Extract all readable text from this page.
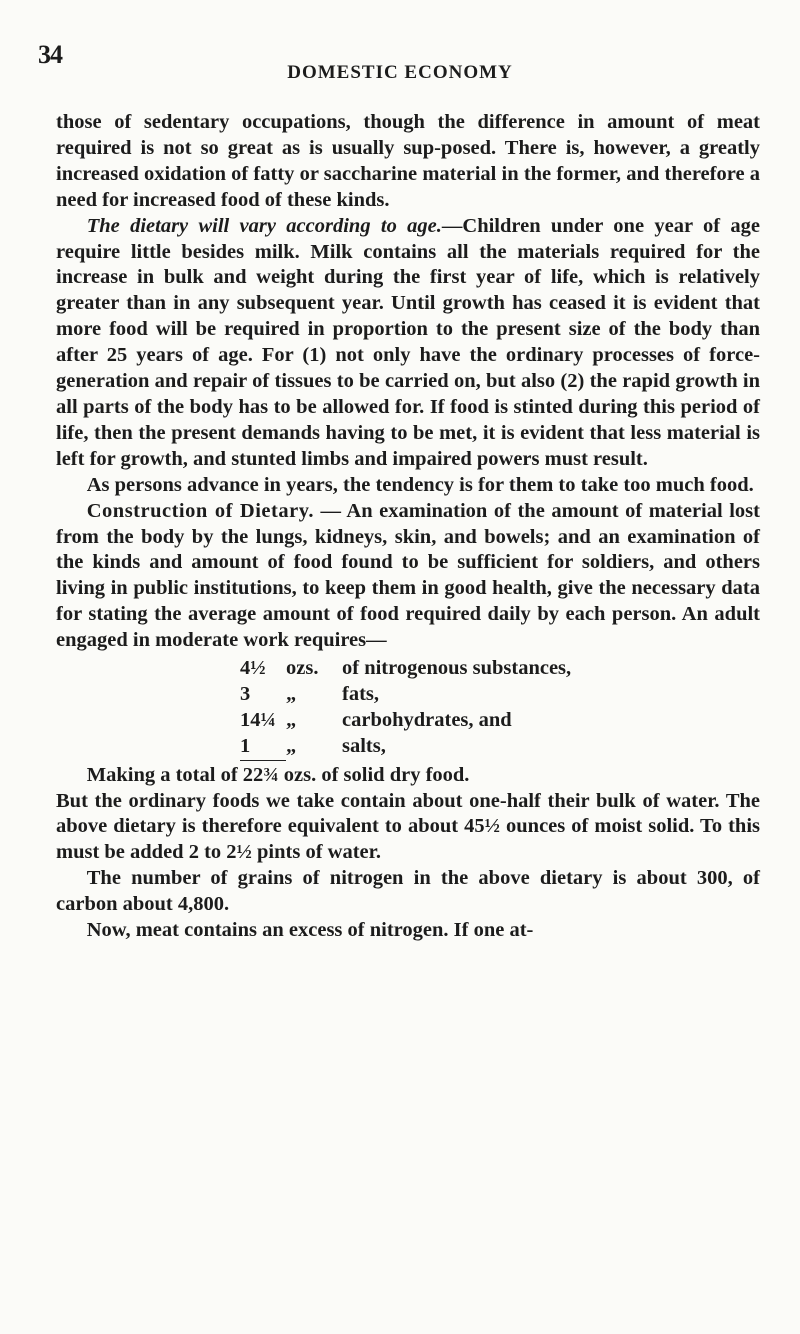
34
DOMESTIC ECONOMY

those of sedentary occupations, though the difference in amount of meat required is not so great as is usually sup-posed. There is, however, a greatly increased oxidation of fatty or saccharine material in the former, and therefore a need for increased food of these kinds.

The dietary will vary according to age.—Children under one year of age require little besides milk. Milk contains all the materials required for the increase in bulk and weight during the first year of life, which is relatively greater than in any subsequent year. Until growth has ceased it is evident that more food will be required in proportion to the present size of the body than after 25 years of age. For (1) not only have the ordinary processes of force-generation and repair of tissues to be carried on, but also (2) the rapid growth in all parts of the body has to be allowed for. If food is stinted during this period of life, then the present demands having to be met, it is evident that less material is left for growth, and stunted limbs and impaired powers must result.

As persons advance in years, the tendency is for them to take too much food.

Construction of Dietary. — An examination of the amount of material lost from the body by the lungs, kidneys, skin, and bowels; and an examination of the kinds and amount of food found to be sufficient for soldiers, and others living in public institutions, to keep them in good health, give the necessary data for stating the average amount of food required daily by each person. An adult engaged in moderate work requires—

4½	ozs.	of nitrogenous substances,
3	„	fats,
14¼	„	carbohydrates, and
1	„	salts,

Making a total of 22¾ ozs. of solid dry food.

But the ordinary foods we take contain about one-half their bulk of water. The above dietary is therefore equivalent to about 45½ ounces of moist solid. To this must be added 2 to 2½ pints of water.

The number of grains of nitrogen in the above dietary is about 300, of carbon about 4,800.

Now, meat contains an excess of nitrogen. If one at-
